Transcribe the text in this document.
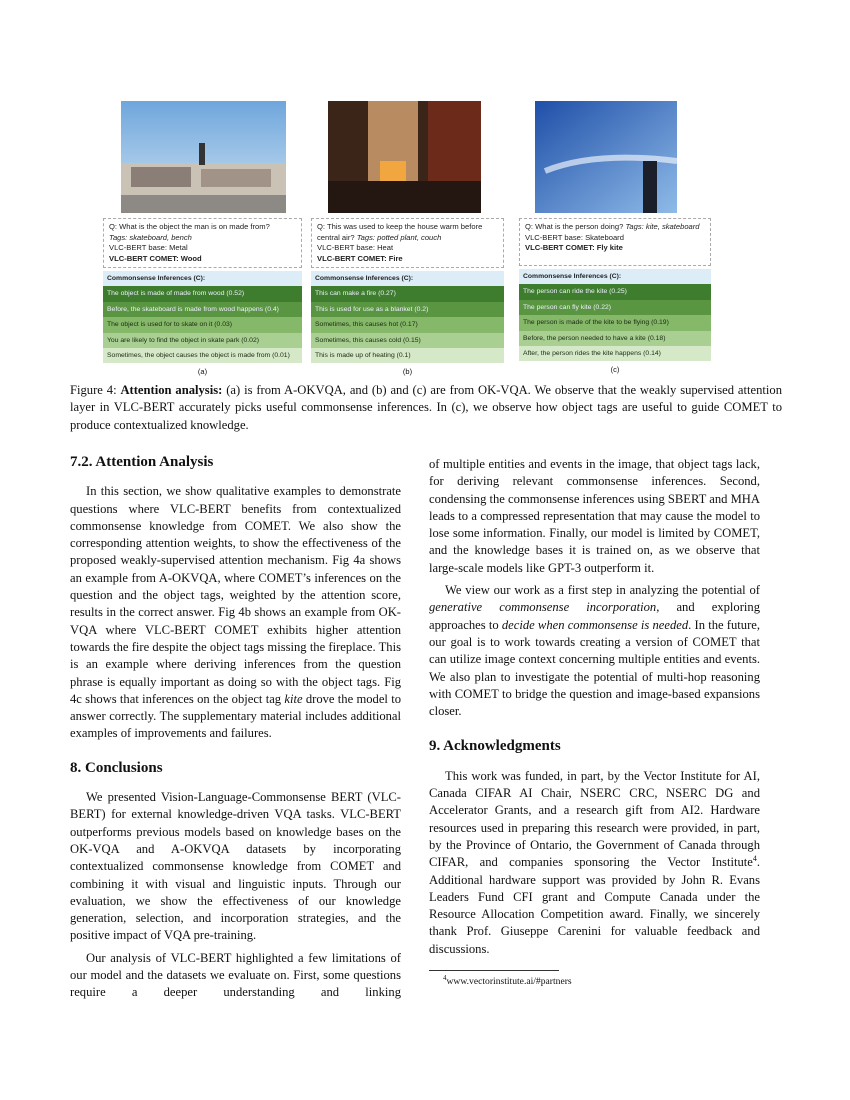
Q: What is the object the man is on made from?
Tags: skateboard, bench
VLC-BERT base: Metal
VLC-BERT COMET: Wood
Commonsense Inferences (C):
The object is made of made from wood (0.52)
Before, the skateboard is made from wood happens (0.4)
The object is used for to skate on it (0.03)
You are likely to find the object in skate park (0.02)
Sometimes, the object causes the object is made from (0.01)
(a)
Q: This was used to keep the house warm before central air? Tags: potted plant, couch
VLC-BERT base: Heat
VLC-BERT COMET: Fire
Commonsense Inferences (C):
This can make a fire (0.27)
This is used for use as a blanket (0.2)
Sometimes, this causes hot (0.17)
Sometimes, this causes cold (0.15)
This is made up of heating (0.1)
(b)
Q: What is the person doing? Tags: kite, skateboard
VLC-BERT base: Skateboard
VLC-BERT COMET: Fly kite
Commonsense Inferences (C):
The person can ride the kite (0.25)
The person can fly kite (0.22)
The person is made of the kite to be flying (0.19)
Before, the person needed to have a kite (0.18)
After, the person rides the kite happens (0.14)
(c)
Figure 4: Attention analysis: (a) is from A-OKVQA, and (b) and (c) are from OK-VQA. We observe that the weakly supervised attention layer in VLC-BERT accurately picks useful commonsense inferences. In (c), we observe how object tags are useful to guide COMET to produce contextualized knowledge.
7.2. Attention Analysis

In this section, we show qualitative examples to demonstrate questions where VLC-BERT benefits from contextualized commonsense knowledge from COMET. We also show the corresponding attention weights, to show the effectiveness of the proposed weakly-supervised attention mechanism. Fig 4a shows an example from A-OKVQA, where COMET’s inferences on the question and the object tags, weighted by the attention score, results in the correct answer. Fig 4b shows an example from OK-VQA where VLC-BERT COMET exhibits higher attention towards the fire despite the object tags missing the fireplace. This is an example where deriving inferences from the question phrase is equally important as doing so with the object tags. Fig 4c shows that inferences on the object tag kite drove the model to answer correctly. The supplementary material includes additional examples of improvements and failures.

8. Conclusions

We presented Vision-Language-Commonsense BERT (VLC-BERT) for external knowledge-driven VQA tasks. VLC-BERT outperforms previous models based on knowledge bases on the OK-VQA and A-OKVQA datasets by incorporating contextualized commonsense knowledge from COMET and combining it with visual and linguistic inputs. Through our evaluation, we show the effectiveness of our knowledge generation, selection, and incorporation strategies, and the positive impact of VQA pre-training.

Our analysis of VLC-BERT highlighted a few limitations of our model and the datasets we evaluate on. First, some questions require a deeper understanding and linking

of multiple entities and events in the image, that object tags lack, for deriving relevant commonsense inferences. Second, condensing the commonsense inferences using SBERT and MHA leads to a compressed representation that may cause the model to lose some information. Finally, our model is limited by COMET, and the knowledge bases it is trained on, as we observe that large-scale models like GPT-3 outperform it.

We view our work as a first step in analyzing the potential of generative commonsense incorporation, and exploring approaches to decide when commonsense is needed. In the future, our goal is to work towards creating a version of COMET that can utilize image context concerning multiple entities and events. We also plan to investigate the potential of multi-hop reasoning with COMET to bridge the question and image-based expansions closer.

9. Acknowledgments

This work was funded, in part, by the Vector Institute for AI, Canada CIFAR AI Chair, NSERC CRC, NSERC DG and Accelerator Grants, and a research gift from AI2. Hardware resources used in preparing this research were provided, in part, by the Province of Ontario, the Government of Canada through CIFAR, and companies sponsoring the Vector Institute$^4$. Additional hardware support was provided by John R. Evans Leaders Fund CFI grant and Compute Canada under the Resource Allocation Competition award. Finally, we sincerely thank Prof. Giuseppe Carenini for valuable feedback and discussions.

$^4$www.vectorinstitute.ai/#partners
